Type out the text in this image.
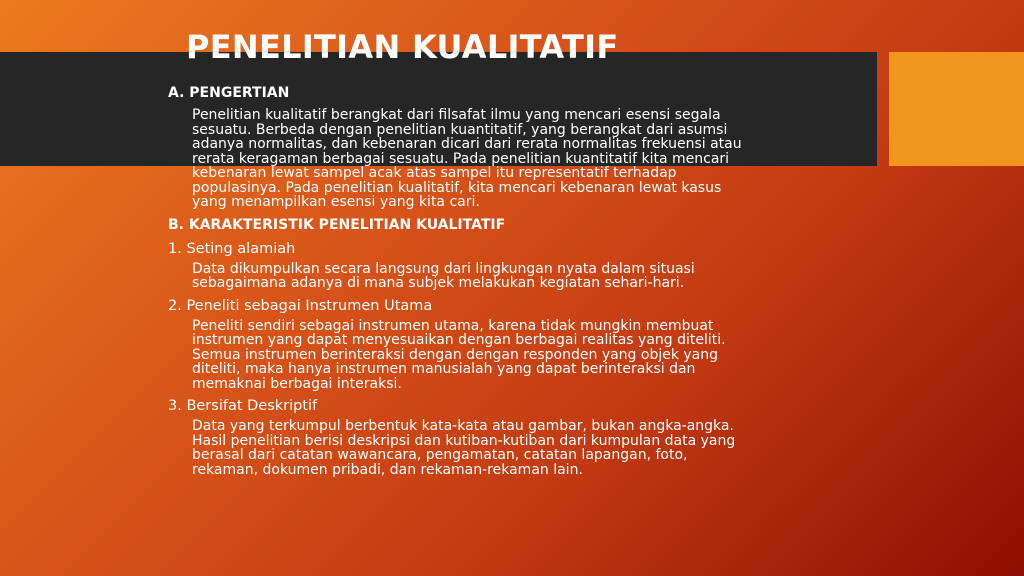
PENELITIAN KUALITATIF
A. PENGERTIAN
Penelitian kualitatif berangkat dari filsafat ilmu yang mencari esensi segala
sesuatu. Berbeda dengan penelitian kuantitatif, yang berangkat dari asumsi
adanya normalitas, dan kebenaran dicari dari rerata normalitas frekuensi atau
rerata keragaman berbagai sesuatu. Pada penelitian kuantitatif kita mencari
kebenaran lewat sampel acak atas sampel itu representatif terhadap
populasinya. Pada penelitian kualitatif, kita mencari kebenaran lewat kasus
yang menampilkan esensi yang kita cari.
B. KARAKTERISTIK PENELITIAN KUALITATIF
1. Seting alamiah
Data dikumpulkan secara langsung dari lingkungan nyata dalam situasi
sebagaimana adanya di mana subjek melakukan kegiatan sehari-hari.
2. Peneliti sebagai Instrumen Utama
Peneliti sendiri sebagai instrumen utama, karena tidak mungkin membuat
instrumen yang dapat menyesuaikan dengan berbagai realitas yang diteliti.
Semua instrumen berinteraksi dengan dengan responden yang objek yang
diteliti, maka hanya instrumen manusialah yang dapat berinteraksi dan
memaknai berbagai interaksi.
3. Bersifat Deskriptif
Data yang terkumpul berbentuk kata-kata atau gambar, bukan angka-angka.
Hasil penelitian berisi deskripsi dan kutiban-kutiban dari kumpulan data yang
berasal dari catatan wawancara, pengamatan, catatan lapangan, foto,
rekaman, dokumen pribadi, dan rekaman-rekaman lain.
